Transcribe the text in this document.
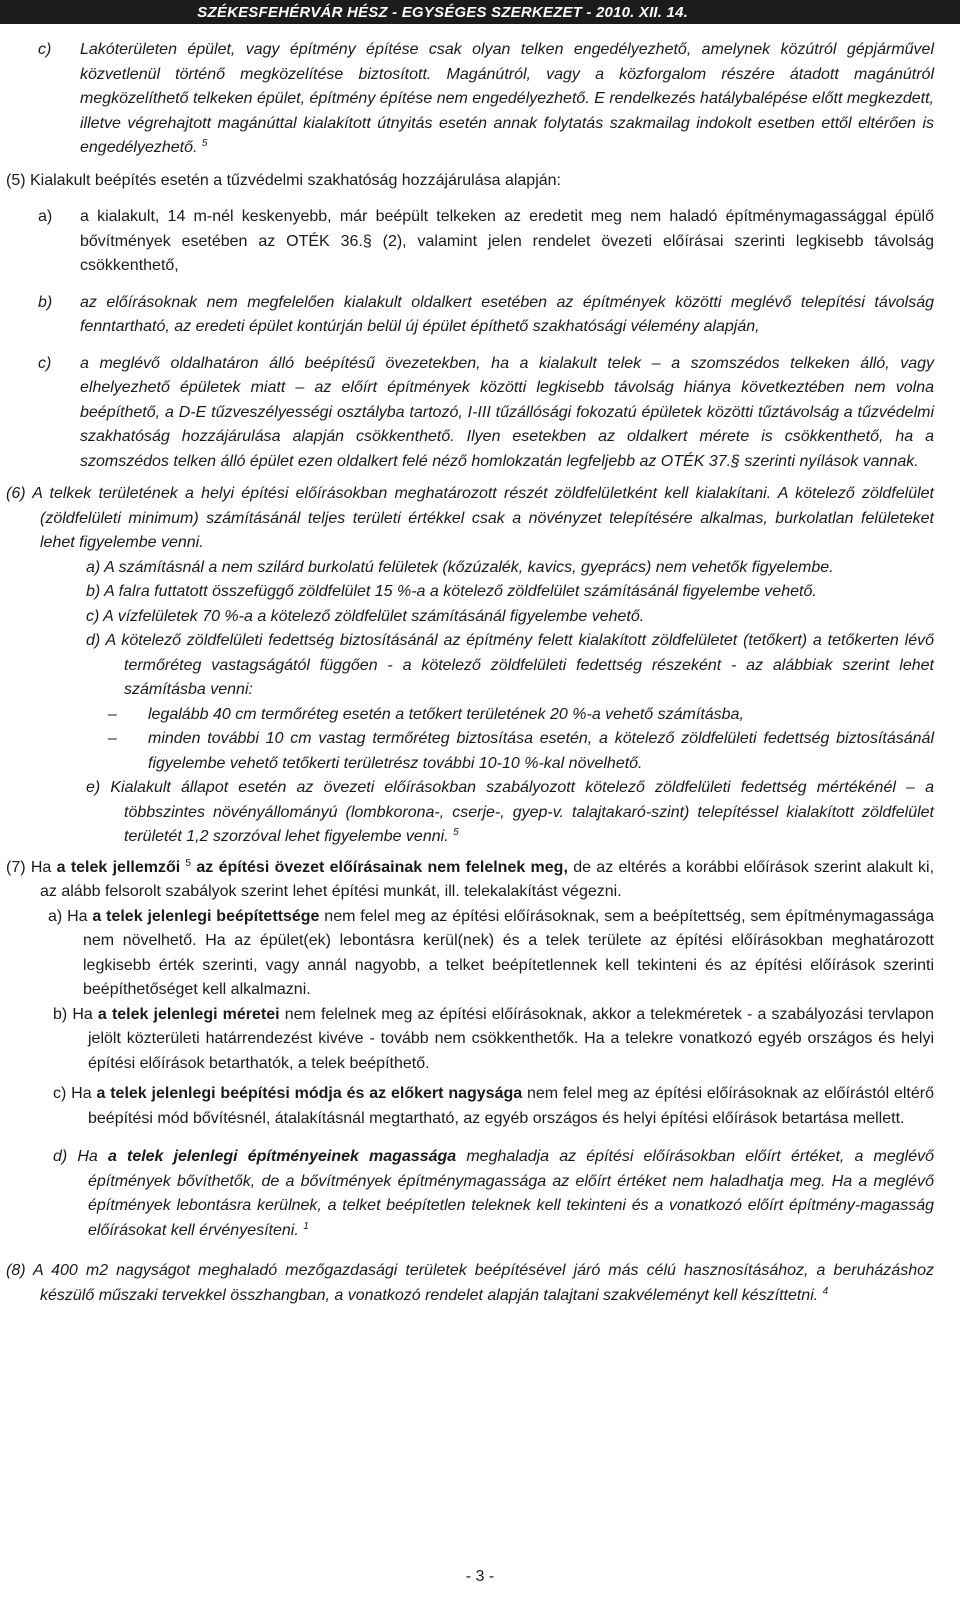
SZÉKESFEHÉRVÁR HÉSZ - EGYSÉGES SZERKEZET - 2010. XII. 14.
c) Lakóterületen épület, vagy építmény építése csak olyan telken engedélyezhető, amelynek közútról gépjárművel közvetlenül történő megközelítése biztosított. Magánútról, vagy a közforgalom részére átadott magánútról megközelíthető telkeken épület, építmény építése nem engedélyezhető. E rendelkezés hatálybalépése előtt megkezdett, illetve végrehajtott magánúttal kialakított útnyitás esetén annak folytatás szakmailag indokolt esetben ettől eltérően is engedélyezhető. $^5$

(5) Kialakult beépítés esetén a tűzvédelmi szakhatóság hozzájárulása alapján:

a) a kialakult, 14 m-nél keskenyebb, már beépült telkeken az eredetit meg nem haladó építménymagassággal épülő bővítmények esetében az OTÉK 36.§ (2), valamint jelen rendelet övezeti előírásai szerinti legkisebb távolság csökkenthető,

b) az előírásoknak nem megfelelően kialakult oldalkert esetében az építmények közötti meglévő telepítési távolság fenntartható, az eredeti épület kontúrján belül új épület építhető szakhatósági vélemény alapján,

c) a meglévő oldalhatáron álló beépítésű övezetekben, ha a kialakult telek – a szomszédos telkeken álló, vagy elhelyezhető épületek miatt – az előírt építmények közötti legkisebb távolság hiánya következtében nem volna beépíthető, a D-E tűzveszélyességi osztályba tartozó, I-III tűzállósági fokozatú épületek közötti tűztávolság a tűzvédelmi szakhatóság hozzájárulása alapján csökkenthető. Ilyen esetekben az oldalkert mérete is csökkenthető, ha a szomszédos telken álló épület ezen oldalkert felé néző homlokzatán legfeljebb az OTÉK 37.§ szerinti nyílások vannak.

(6) A telkek területének a helyi építési előírásokban meghatározott részét zöldfelületként kell kialakítani. A kötelező zöldfelület (zöldfelületi minimum) számításánál teljes területi értékkel csak a növényzet telepítésére alkalmas, burkolatlan felületeket lehet figyelembe venni.

a) A számításnál a nem szilárd burkolatú felületek (kőzúzalék, kavics, gyeprács) nem vehetők figyelembe.

b) A falra futtatott összefüggő zöldfelület 15 %-a a kötelező zöldfelület számításánál figyelembe vehető.

c) A vízfelületek 70 %-a a kötelező zöldfelület számításánál figyelembe vehető.

d) A kötelező zöldfelületi fedettség biztosításánál az építmény felett kialakított zöldfelületet (tetőkert) a tetőkerten lévő termőréteg vastagságától függően - a kötelező zöldfelületi fedettség részeként - az alábbiak szerint lehet számításba venni:

– legalább 40 cm termőréteg esetén a tetőkert területének 20 %-a vehető számításba,

– minden további 10 cm vastag termőréteg biztosítása esetén, a kötelező zöldfelületi fedettség biztosításánál figyelembe vehető tetőkerti területrész további 10-10 %-kal növelhető.

e) Kialakult állapot esetén az övezeti előírásokban szabályozott kötelező zöldfelületi fedettség mértékénél – a többszintes növényállományú (lombkorona-, cserje-, gyep-v. talajtakaró-szint) telepítéssel kialakított zöldfelület területét 1,2 szorzóval lehet figyelembe venni. $^5$

(7) Ha a telek jellemzői $^5$ az építési övezet előírásainak nem felelnek meg, de az eltérés a korábbi előírások szerint alakult ki, az alább felsorolt szabályok szerint lehet építési munkát, ill. telekalakítást végezni.

a) Ha a telek jelenlegi beépítettsége nem felel meg az építési előírásoknak, sem a beépítettség, sem építménymagassága nem növelhető. Ha az épület(ek) lebontásra kerül(nek) és a telek területe az építési előírásokban meghatározott legkisebb érték szerinti, vagy annál nagyobb, a telket beépítetlennek kell tekinteni és az építési előírások szerinti beépíthetőséget kell alkalmazni.

b) Ha a telek jelenlegi méretei nem felelnek meg az építési előírásoknak, akkor a telekméretek - a szabályozási tervlapon jelölt közterületi határrendezést kivéve - tovább nem csökkenthetők. Ha a telekre vonatkozó egyéb országos és helyi építési előírások betarthatók, a telek beépíthető.

c) Ha a telek jelenlegi beépítési módja és az előkert nagysága nem felel meg az építési előírásoknak az előírástól eltérő beépítési mód bővítésnél, átalakításnál megtartható, az egyéb országos és helyi építési előírások betartása mellett.

d) Ha a telek jelenlegi építményeinek magassága meghaladja az építési előírásokban előírt értéket, a meglévő építmények bővíthetők, de a bővítmények építménymagassága az előírt értéket nem haladhatja meg. Ha a meglévő építmények lebontásra kerülnek, a telket beépítetlen teleknek kell tekinteni és a vonatkozó előírt építmény-magasság előírásokat kell érvényesíteni. $^1$

(8) A 400 m2 nagyságot meghaladó mezőgazdasági területek beépítésével járó más célú hasznosításához, a beruházáshoz készülő műszaki tervekkel összhangban, a vonatkozó rendelet alapján talajtani szakvéleményt kell készíttetni. $^4$

- 3 -
